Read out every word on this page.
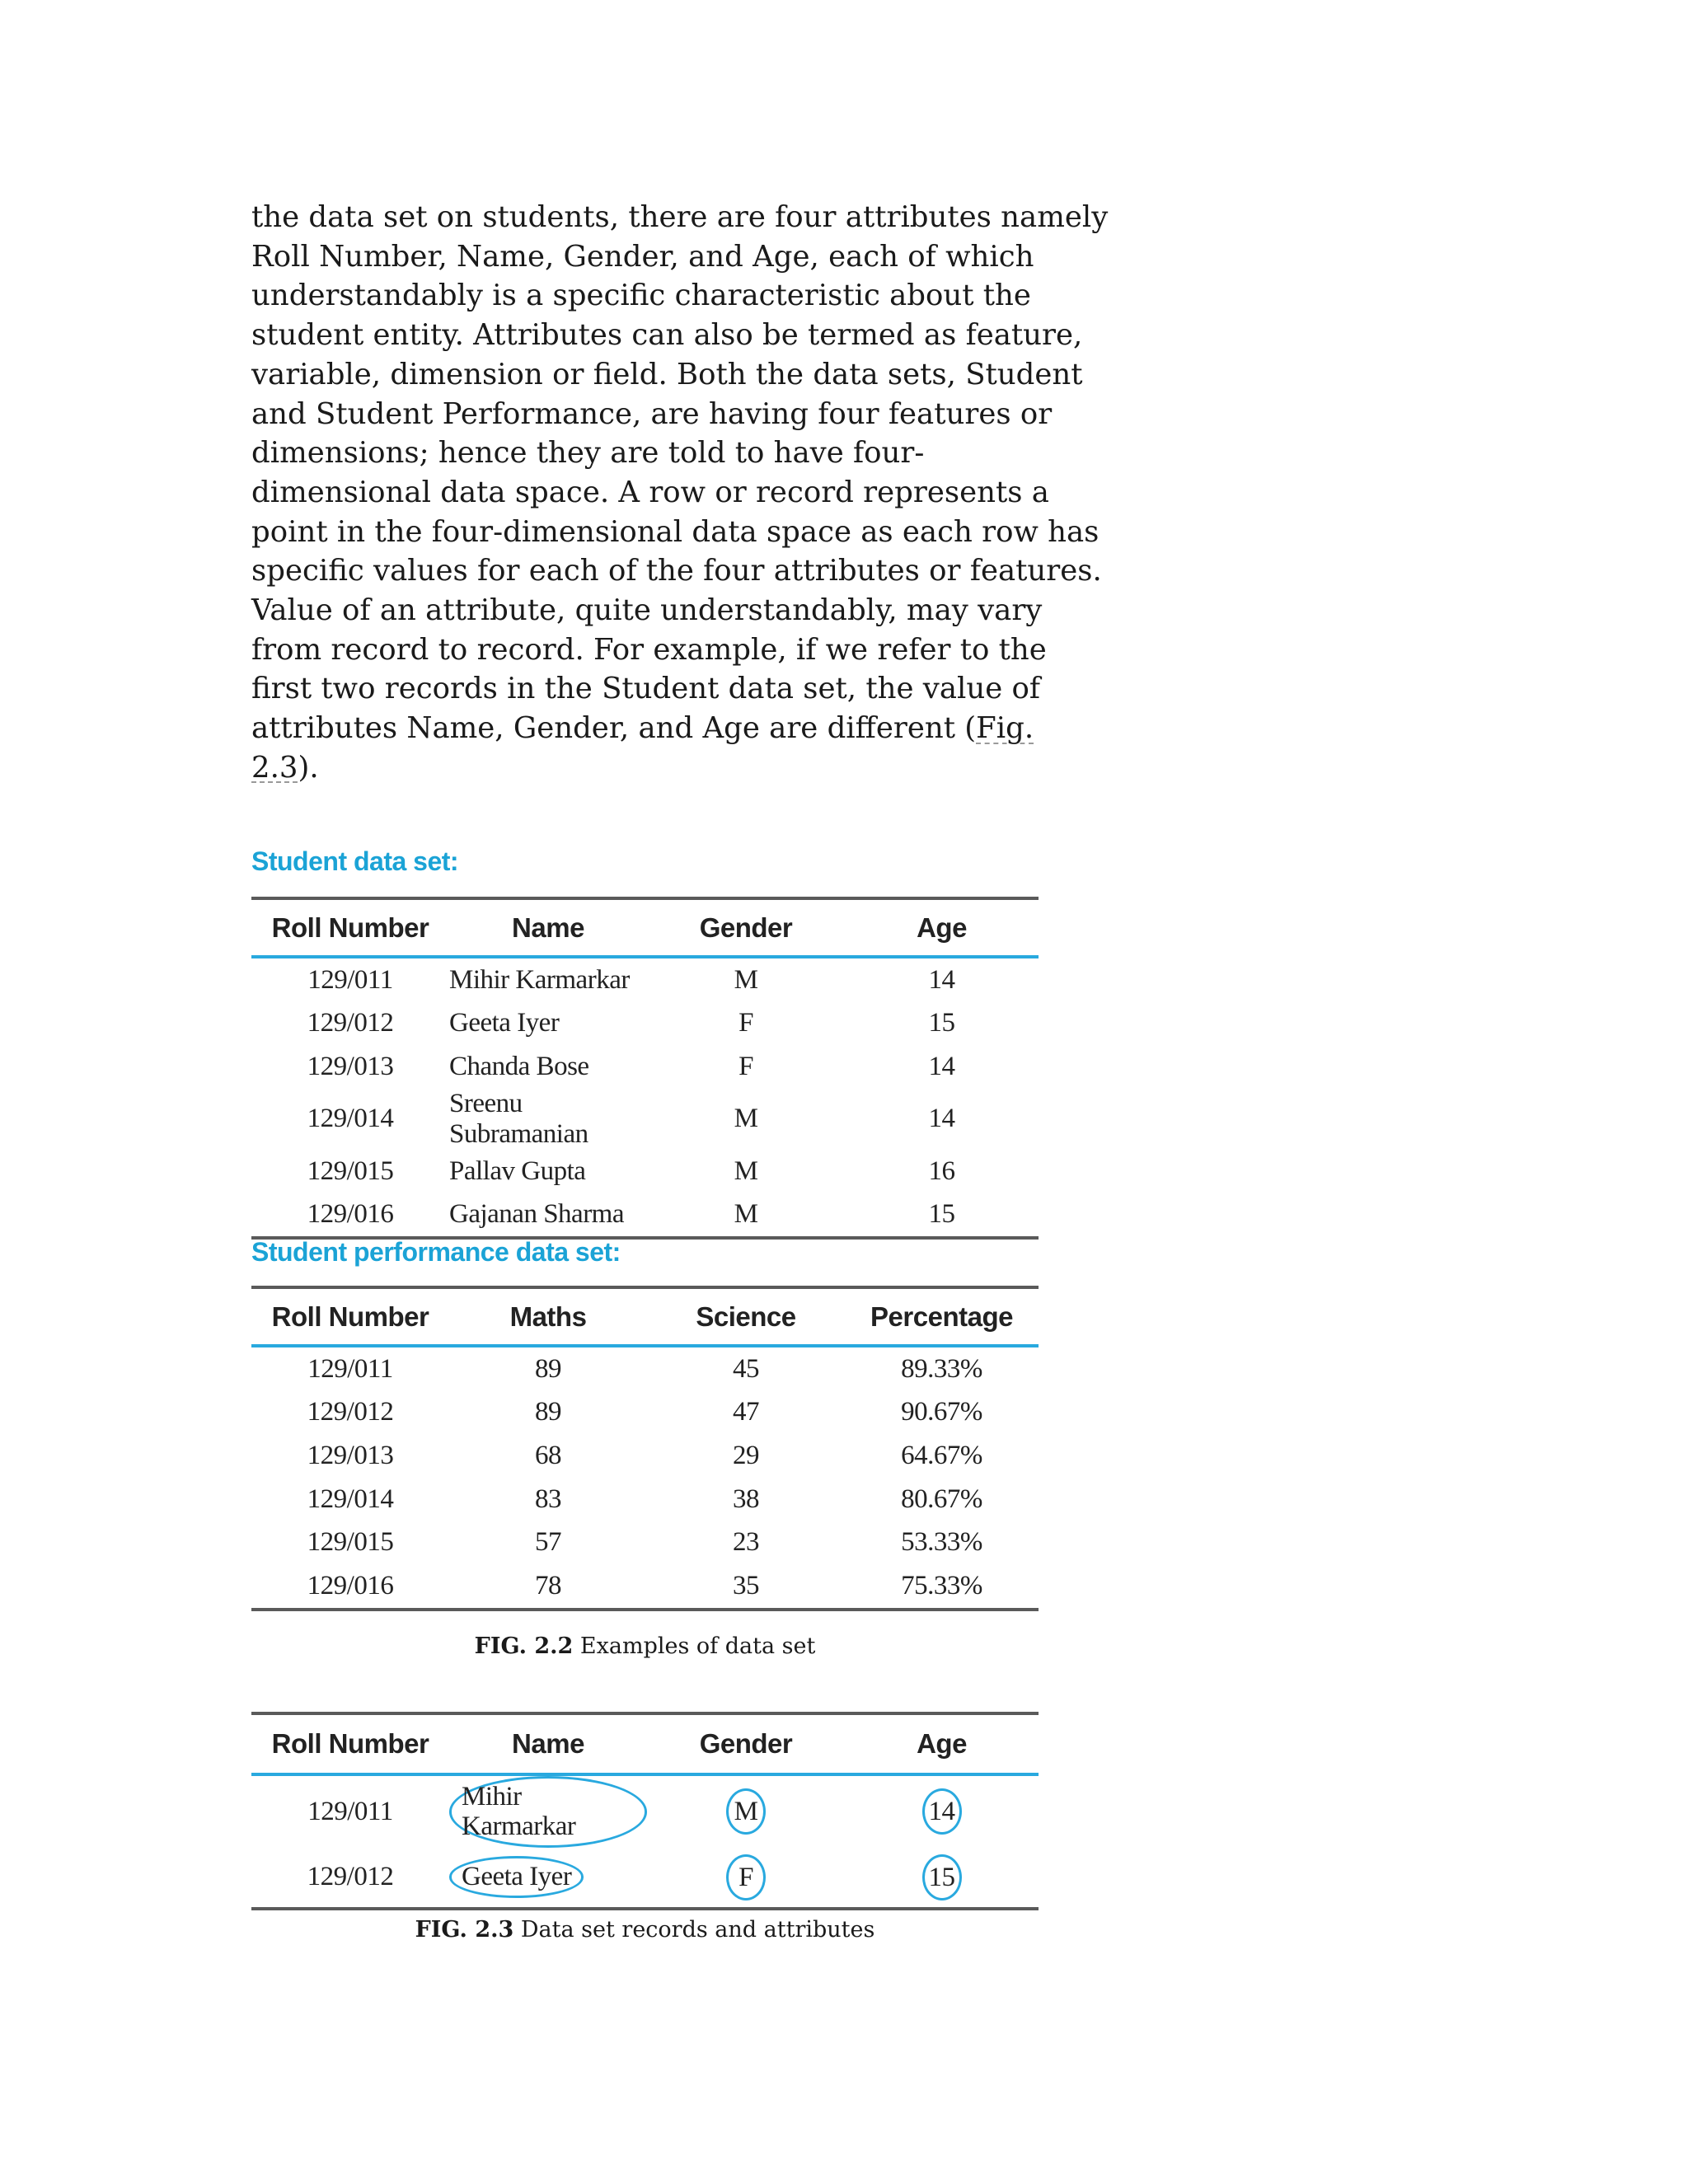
the data set on students, there are four attributes namely
Roll Number, Name, Gender, and Age, each of which
understandably is a specific characteristic about the
student entity. Attributes can also be termed as feature,
variable, dimension or field. Both the data sets, Student
and Student Performance, are having four features or
dimensions; hence they are told to have four-
dimensional data space. A row or record represents a
point in the four-dimensional data space as each row has
specific values for each of the four attributes or features.
Value of an attribute, quite understandably, may vary
from record to record. For example, if we refer to the
first two records in the Student data set, the value of
attributes Name, Gender, and Age are different (Fig.
2.3).

Student data set:
Roll Number	Name	Gender	Age
129/011	Mihir Karmarkar	M	14
129/012	Geeta Iyer	F	15
129/013	Chanda Bose	F	14
129/014	Sreenu Subramanian	M	14
129/015	Pallav Gupta	M	16
129/016	Gajanan Sharma	M	15
Student performance data set:
Roll Number	Maths	Science	Percentage
129/011	89	45	89.33%
129/012	89	47	90.67%
129/013	68	29	64.67%
129/014	83	38	80.67%
129/015	57	23	53.33%
129/016	78	35	75.33%
FIG. 2.2 Examples of data set
Roll Number	Name	Gender	Age
129/011	Mihir Karmarkar	M	14
129/012	Geeta Iyer	F	15
FIG. 2.3 Data set records and attributes
